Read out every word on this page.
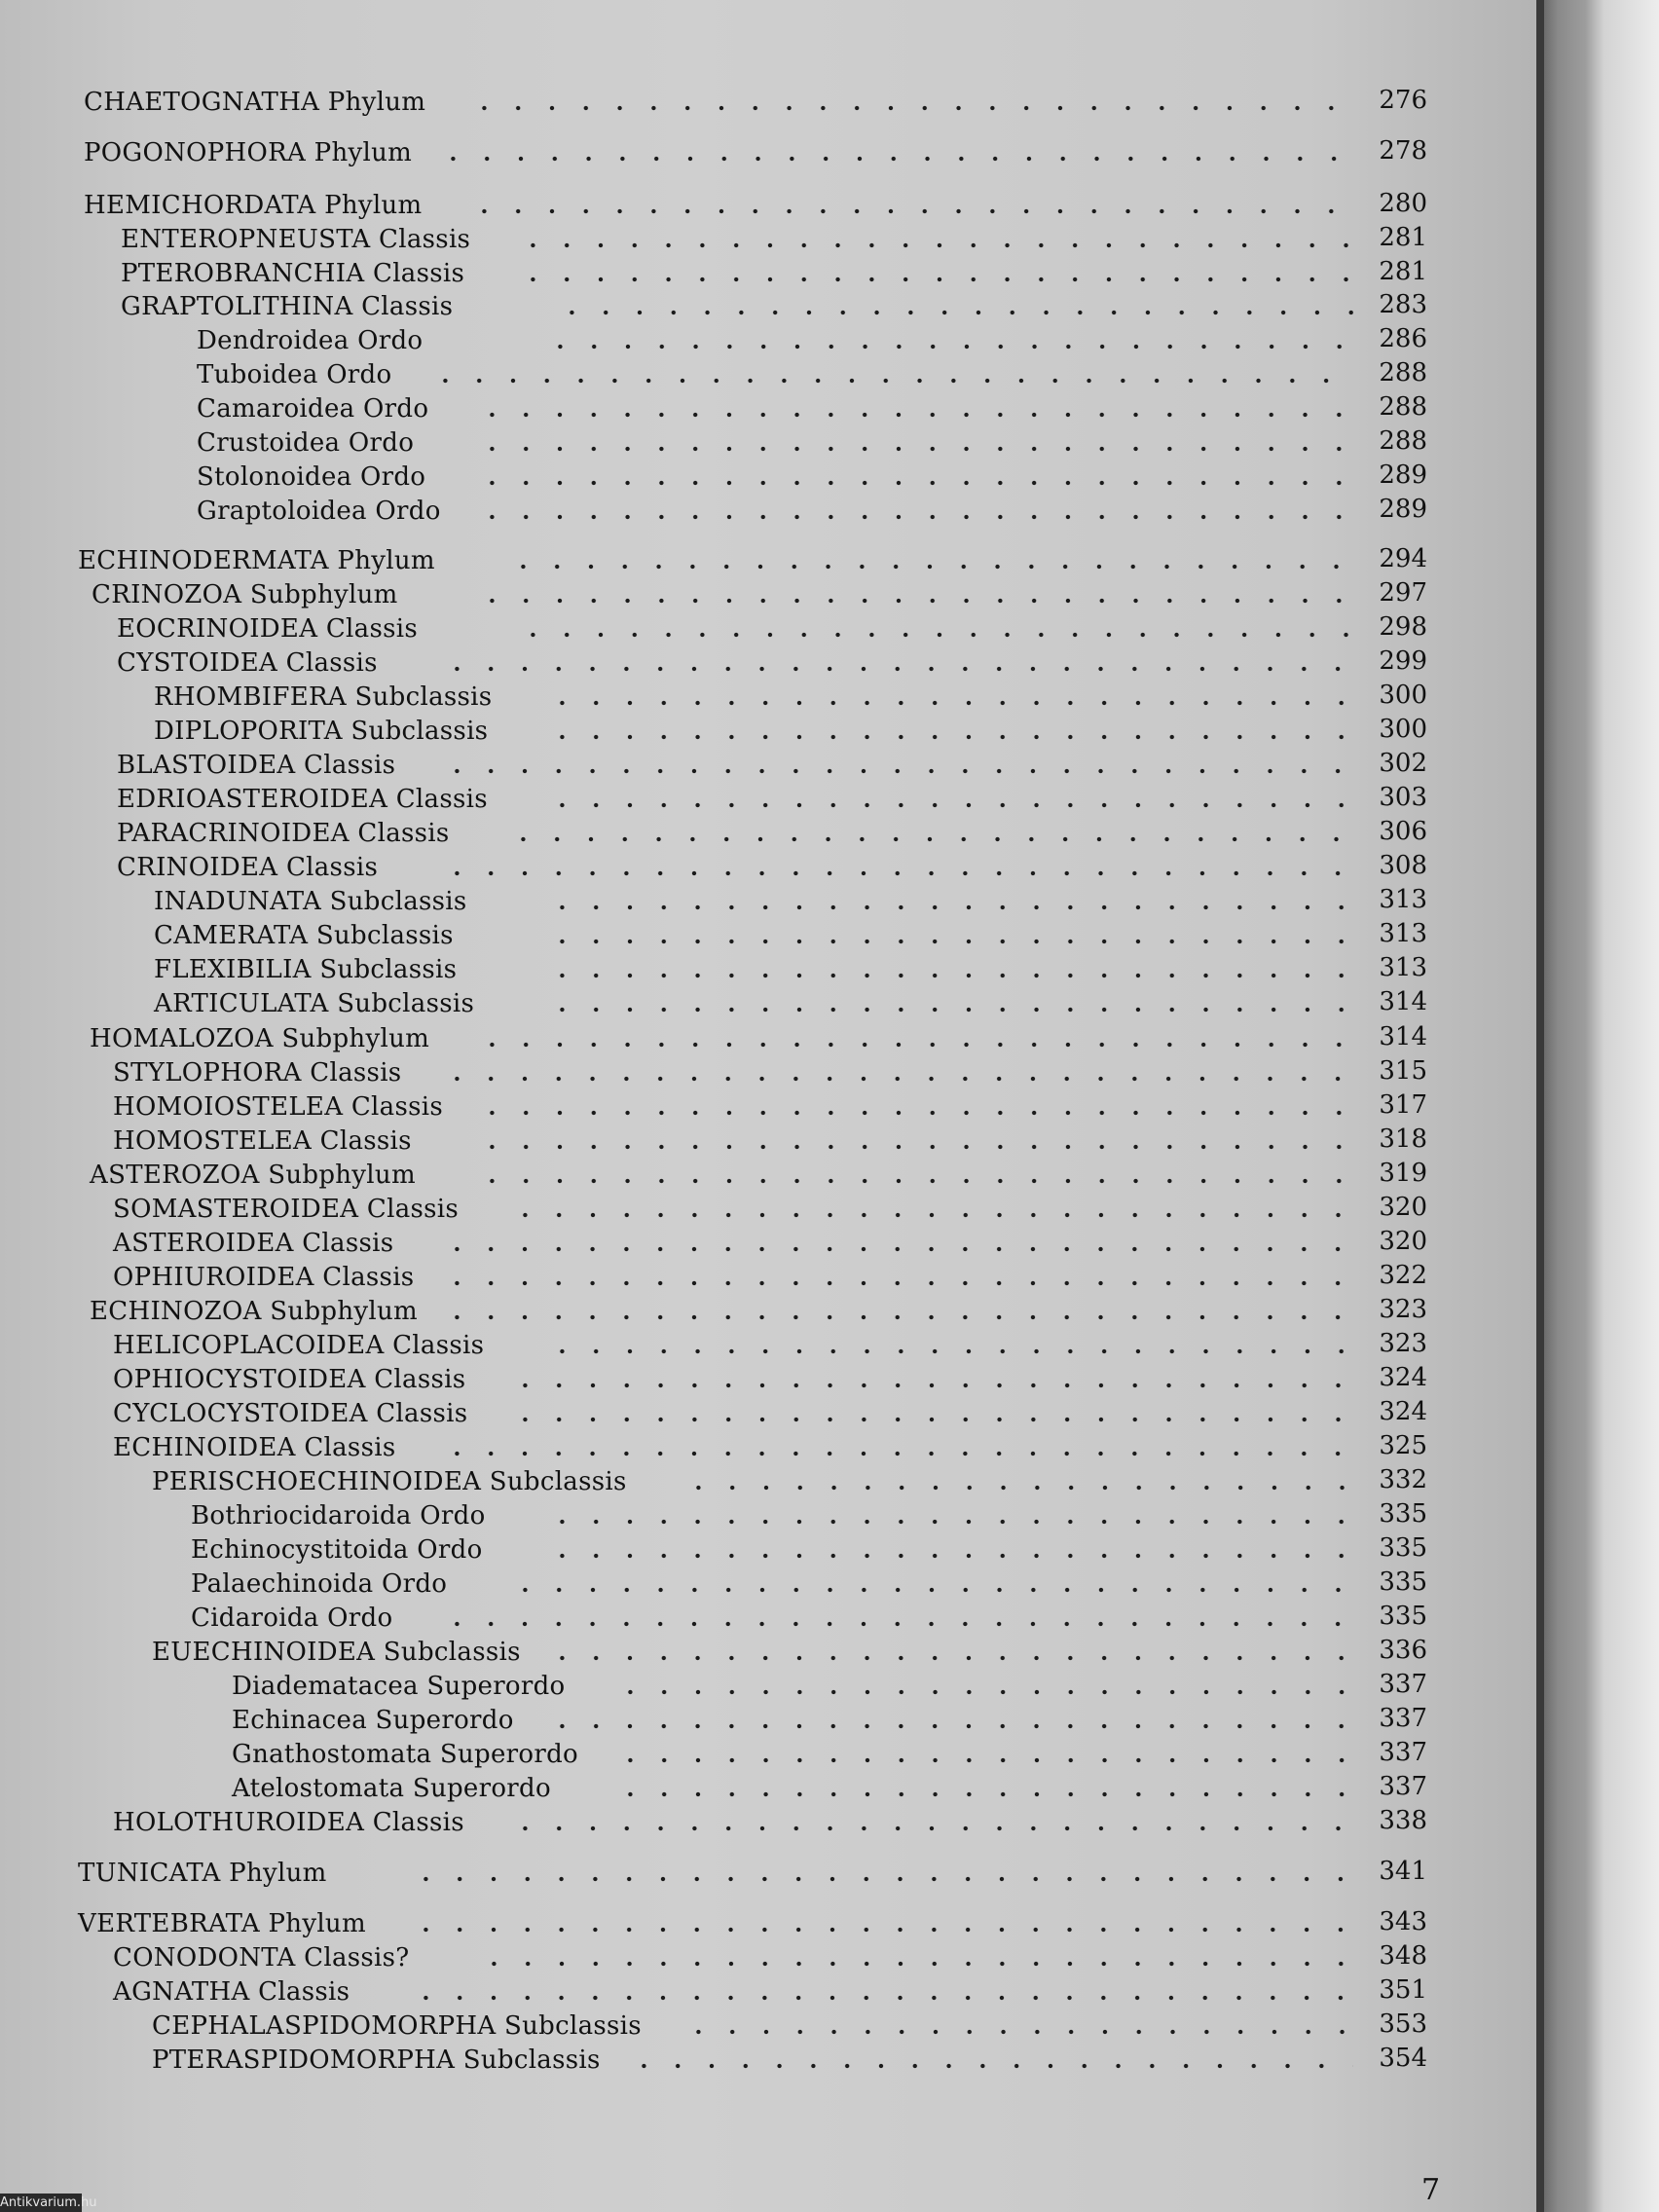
CHAETOGNATHA Phylum	276
POGONOPHORA Phylum	278
HEMICHORDATA Phylum	280
ENTEROPNEUSTA Classis	281
PTEROBRANCHIA Classis	281
GRAPTOLITHINA Classis	283
Dendroidea Ordo	286
Tuboidea Ordo	288
Camaroidea Ordo	288
Crustoidea Ordo	288
Stolonoidea Ordo	289
Graptoloidea Ordo	289
ECHINODERMATA Phylum	294
CRINOZOA Subphylum	297
EOCRINOIDEA Classis	298
CYSTOIDEA Classis	299
RHOMBIFERA Subclassis	300
DIPLOPORITA Subclassis	300
BLASTOIDEA Classis	302
EDRIOASTEROIDEA Classis	303
PARACRINOIDEA Classis	306
CRINOIDEA Classis	308
INADUNATA Subclassis	313
CAMERATA Subclassis	313
FLEXIBILIA Subclassis	313
ARTICULATA Subclassis	314
HOMALOZOA Subphylum	314
STYLOPHORA Classis	315
HOMOIOSTELEA Classis	317
HOMOSTELEA Classis	318
ASTEROZOA Subphylum	319
SOMASTEROIDEA Classis	320
ASTEROIDEA Classis	320
OPHIUROIDEA Classis	322
ECHINOZOA Subphylum	323
HELICOPLACOIDEA Classis	323
OPHIOCYSTOIDEA Classis	324
CYCLOCYSTOIDEA Classis	324
ECHINOIDEA Classis	325
PERISCHOECHINOIDEA Subclassis	332
Bothriocidaroida Ordo	335
Echinocystitoida Ordo	335
Palaechinoida Ordo	335
Cidaroida Ordo	335
EUECHINOIDEA Subclassis	336
Diadematacea Superordo	337
Echinacea Superordo	337
Gnathostomata Superordo	337
Atelostomata Superordo	337
HOLOTHUROIDEA Classis	338
TUNICATA Phylum	341
VERTEBRATA Phylum	343
CONODONTA Classis?	348
AGNATHA Classis	351
CEPHALASPIDOMORPHA Subclassis	353
PTERASPIDOMORPHA Subclassis	354
7
Antikvarium.hu
